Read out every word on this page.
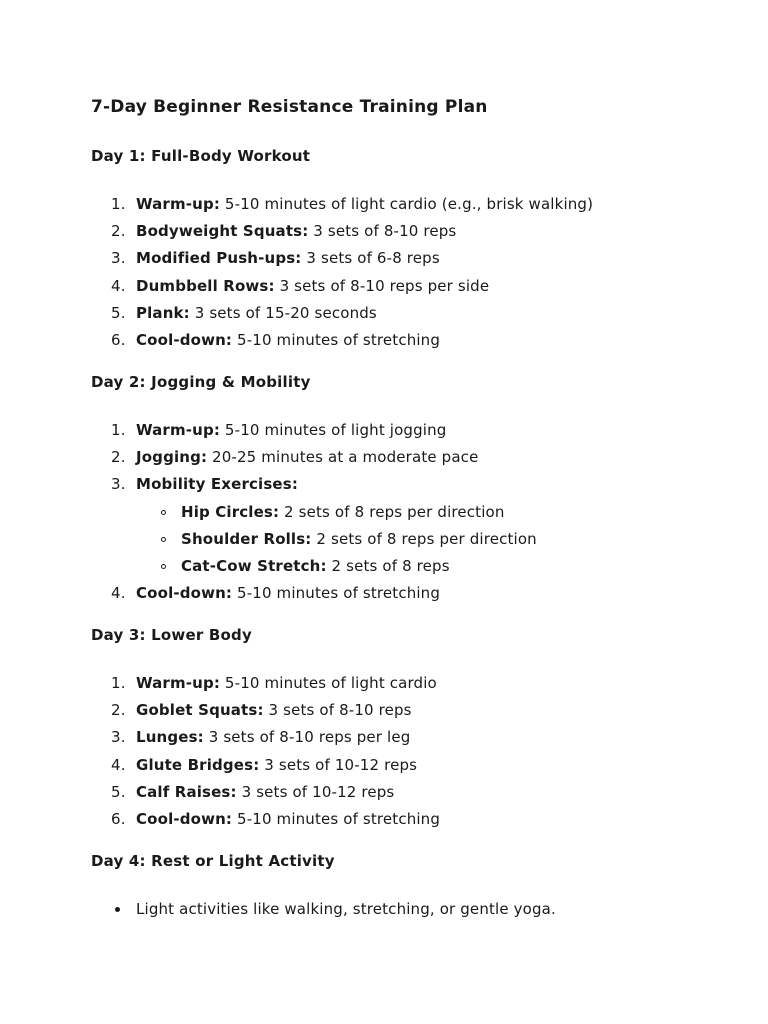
7-Day Beginner Resistance Training Plan
Day 1: Full-Body Workout
1. Warm-up: 5-10 minutes of light cardio (e.g., brisk walking)
2. Bodyweight Squats: 3 sets of 8-10 reps
3. Modified Push-ups: 3 sets of 6-8 reps
4. Dumbbell Rows: 3 sets of 8-10 reps per side
5. Plank: 3 sets of 15-20 seconds
6. Cool-down: 5-10 minutes of stretching
Day 2: Jogging & Mobility
1. Warm-up: 5-10 minutes of light jogging
2. Jogging: 20-25 minutes at a moderate pace
3. Mobility Exercises:
Hip Circles: 2 sets of 8 reps per direction
Shoulder Rolls: 2 sets of 8 reps per direction
Cat-Cow Stretch: 2 sets of 8 reps
4. Cool-down: 5-10 minutes of stretching
Day 3: Lower Body
1. Warm-up: 5-10 minutes of light cardio
2. Goblet Squats: 3 sets of 8-10 reps
3. Lunges: 3 sets of 8-10 reps per leg
4. Glute Bridges: 3 sets of 10-12 reps
5. Calf Raises: 3 sets of 10-12 reps
6. Cool-down: 5-10 minutes of stretching
Day 4: Rest or Light Activity
Light activities like walking, stretching, or gentle yoga.
